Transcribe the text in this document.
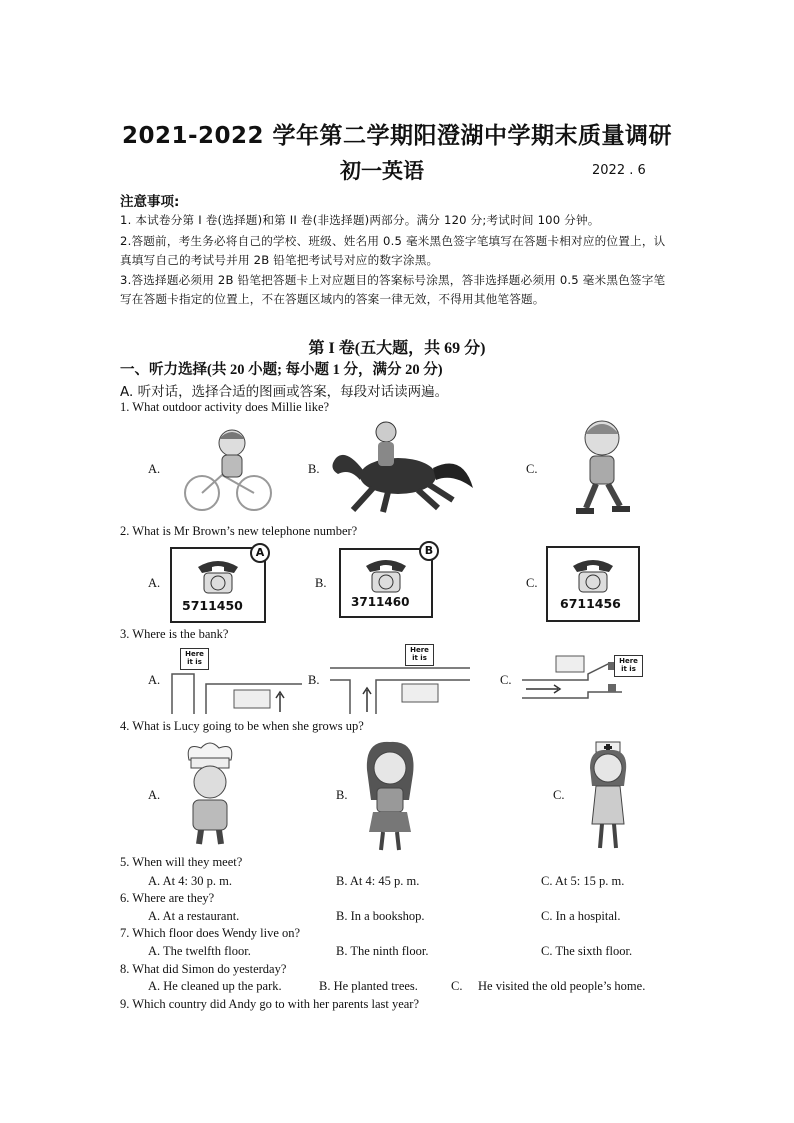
2021-2022 学年第二学期阳澄湖中学期末质量调研
初一英语	2022 . 6
注意事项:
1. 本试卷分第 I 卷(选择题)和第 II 卷(非选择题)两部分。满分 120 分;考试时间 100 分钟。
2.答题前，考生务必将自己的学校、班级、姓名用 0.5 毫米黑色签字笔填写在答题卡相对应的位置上，认真填写自己的考试号并用 2B 铅笔把考试号对应的数字涂黑。
3.答选择题必须用 2B 铅笔把答题卡上对应题目的答案标号涂黑，答非选择题必须用 0.5 毫米黑色签字笔写在答题卡指定的位置上，不在答题区域内的答案一律无效，不得用其他笔答题。
第 I 卷(五大题，共 69 分)
一、听力选择(共 20 小题; 每小题 1 分，满分 20 分)
A. 听对话，选择合适的图画或答案，每段对话读两遍。
1. What outdoor activity does Millie like?
A.	B.	C.
2. What is Mr Brown’s new telephone number?
A.	B.	C.
5711450
A
3711460
B
6711456
3. Where is the bank?
A.	B.	C.
Here
it is
Here
it is	Here
it is
4. What is Lucy going to be when she grows up?
A.	B.	C.
5. When will they meet?
A. At 4: 30 p. m.	B. At 4: 45 p. m.	C. At 5: 15 p. m.
6. Where are they?
A. At a restaurant.	B. In a bookshop.	C. In a hospital.
7. Which floor does Wendy live on?
A. The twelfth floor.	B. The ninth floor.	C. The sixth floor.
8. What did Simon do yesterday?
A. He cleaned up the park.	B. He planted trees.	C. He visited the old people’s home.
9. Which country did Andy go to with her parents last year?
